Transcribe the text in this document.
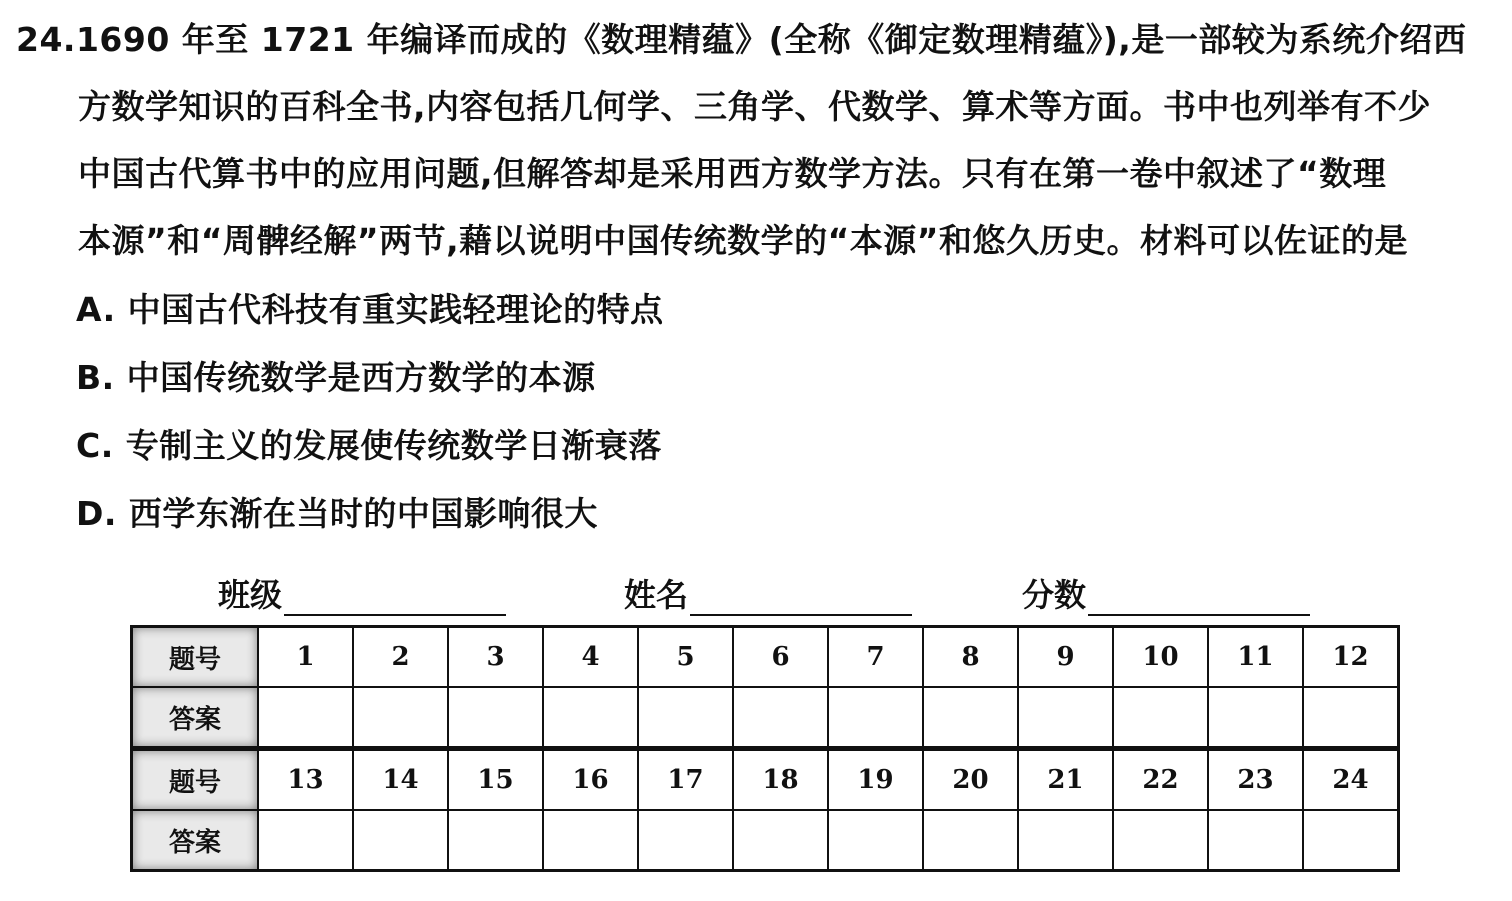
24.1690 年至 1721 年编译而成的《数理精蕴》(全称《御定数理精蕴》),是一部较为系统介绍西
方数学知识的百科全书,内容包括几何学、三角学、代数学、算术等方面。书中也列举有不少
中国古代算书中的应用问题,但解答却是采用西方数学方法。只有在第一卷中叙述了“数理
本源”和“周髀经解”两节,藉以说明中国传统数学的“本源”和悠久历史。材料可以佐证的是
A. 中国古代科技有重实践轻理论的特点
B. 中国传统数学是西方数学的本源
C. 专制主义的发展使传统数学日渐衰落
D. 西学东渐在当时的中国影响很大
班级	姓名	分数
题号	1	2	3	4	5	6	7	8	9	10	11	12
答案												
题号	13	14	15	16	17	18	19	20	21	22	23	24
答案												
